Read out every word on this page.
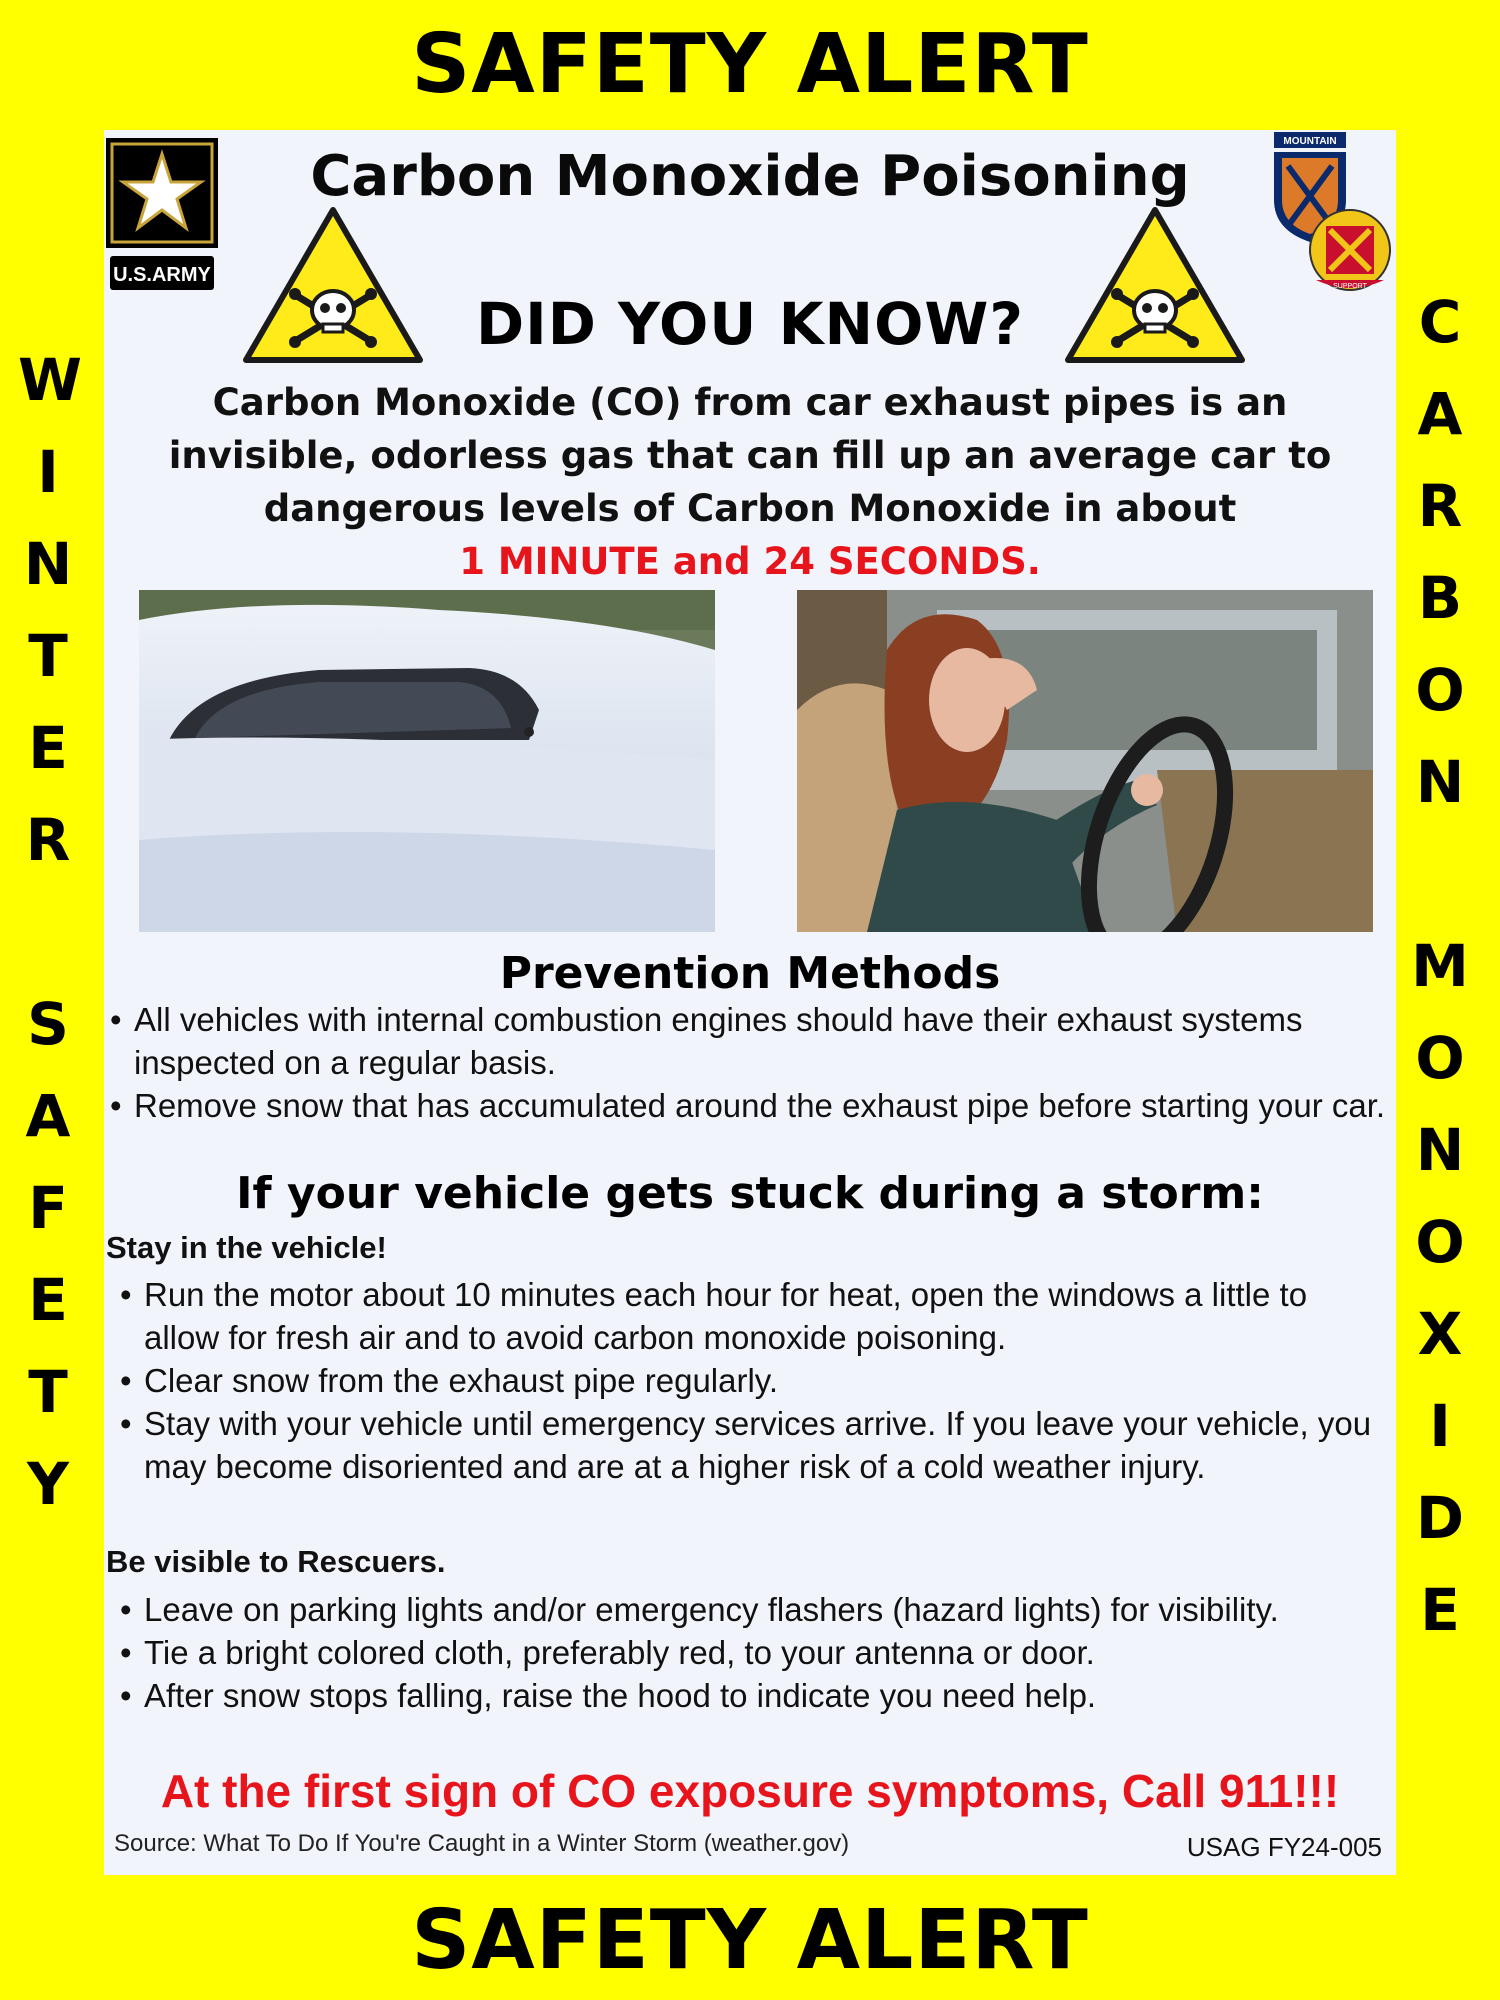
SAFETY ALERT
W
I
N
T
E
R
S
A
F
E
T
Y
C
A
R
B
O
N
M
O
N
O
X
I
D
E
U.S.ARMY
Carbon Monoxide Poisoning
MOUNTAIN
SUPPORT
DID YOU KNOW?
Carbon Monoxide (CO) from car exhaust pipes is an invisible, odorless gas that can fill up an average car to dangerous levels of Carbon Monoxide in about
1 MINUTE and 24 SECONDS.
Prevention Methods
• All vehicles with internal combustion engines should have their exhaust systems inspected on a regular basis.
• Remove snow that has accumulated around the exhaust pipe before starting your car.
If your vehicle gets stuck during a storm:
Stay in the vehicle!
• Run the motor about 10 minutes each hour for heat, open the windows a little to allow for fresh air and to avoid carbon monoxide poisoning.
• Clear snow from the exhaust pipe regularly.
• Stay with your vehicle until emergency services arrive. If you leave your vehicle, you may become disoriented and are at a higher risk of a cold weather injury.
Be visible to Rescuers.
• Leave on parking lights and/or emergency flashers (hazard lights) for visibility.
• Tie a bright colored cloth, preferably red, to your antenna or door.
• After snow stops falling, raise the hood to indicate you need help.
At the first sign of CO exposure symptoms, Call 911!!!
Source: What To Do If You're Caught in a Winter Storm (weather.gov)	USAG FY24-005
SAFETY ALERT
